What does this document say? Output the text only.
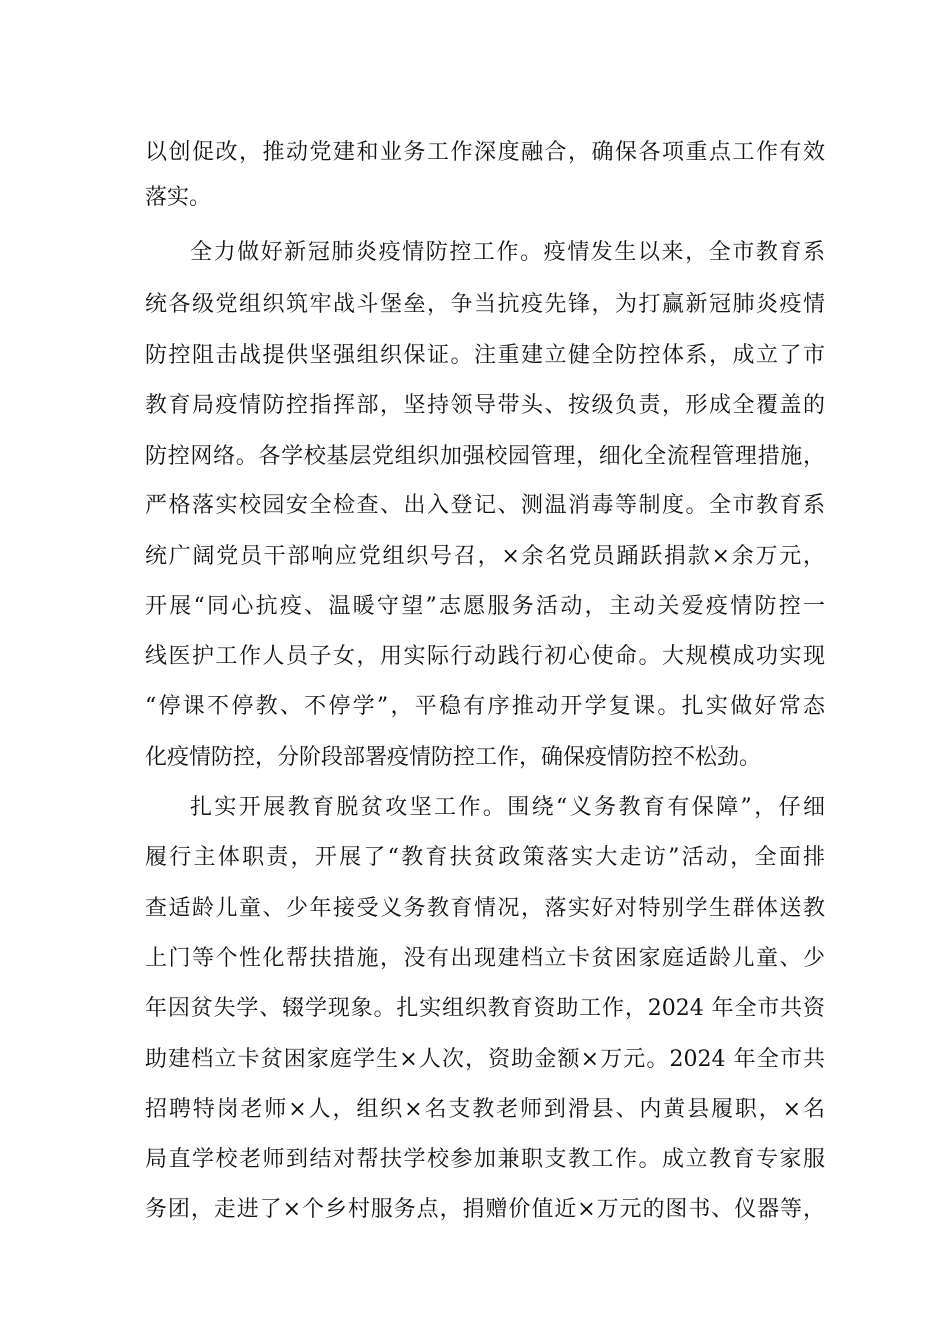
以创促改，推动党建和业务工作深度融合，确保各项重点工作有效
落实。
全力做好新冠肺炎疫情防控工作。疫情发生以来，全市教育系
统各级党组织筑牢战斗堡垒，争当抗疫先锋，为打赢新冠肺炎疫情
防控阻击战提供坚强组织保证。注重建立健全防控体系，成立了市
教育局疫情防控指挥部，坚持领导带头、按级负责，形成全覆盖的
防控网络。各学校基层党组织加强校园管理，细化全流程管理措施，
严格落实校园安全检查、出入登记、测温消毒等制度。全市教育系
统广阔党员干部响应党组织号召，×余名党员踊跃捐款×余万元，
开展“同心抗疫、温暖守望”志愿服务活动，主动关爱疫情防控一
线医护工作人员子女，用实际行动践行初心使命。大规模成功实现
“停课不停教、不停学”，平稳有序推动开学复课。扎实做好常态
化疫情防控，分阶段部署疫情防控工作，确保疫情防控不松劲。
扎实开展教育脱贫攻坚工作。围绕“义务教育有保障”，仔细
履行主体职责，开展了“教育扶贫政策落实大走访”活动，全面排
查适龄儿童、少年接受义务教育情况，落实好对特别学生群体送教
上门等个性化帮扶措施，没有出现建档立卡贫困家庭适龄儿童、少
年因贫失学、辍学现象。扎实组织教育资助工作，2024 年全市共资
助建档立卡贫困家庭学生×人次，资助金额×万元。2024 年全市共
招聘特岗老师×人，组织×名支教老师到滑县、内黄县履职，×名
局直学校老师到结对帮扶学校参加兼职支教工作。成立教育专家服
务团，走进了×个乡村服务点，捐赠价值近×万元的图书、仪器等，
